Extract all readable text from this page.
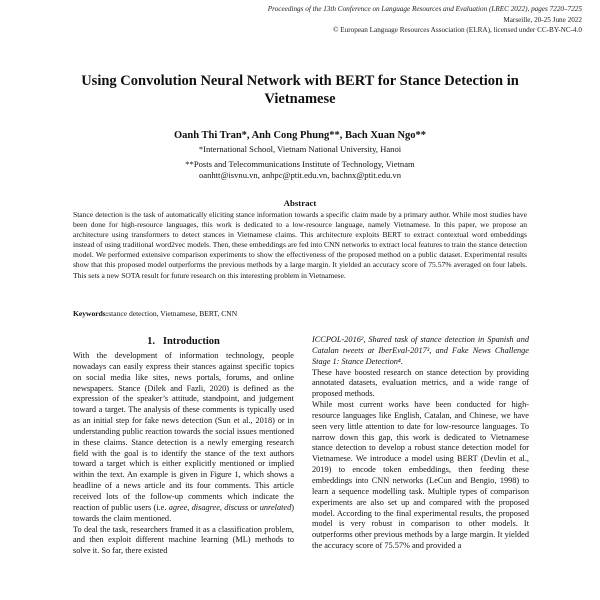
Proceedings of the 13th Conference on Language Resources and Evaluation (LREC 2022), pages 7220–7225
Marseille, 20-25 June 2022
© European Language Resources Association (ELRA), licensed under CC-BY-NC-4.0
Using Convolution Neural Network with BERT for Stance Detection in
Vietnamese
Oanh Thi Tran*, Anh Cong Phung**, Bach Xuan Ngo**
*International School, Vietnam National University, Hanoi
**Posts and Telecommunications Institute of Technology, Vietnam
oanhtt@isvnu.vn, anhpc@ptit.edu.vn, bachnx@ptit.edu.vn
Abstract
Stance detection is the task of automatically eliciting stance information towards a specific claim made by a primary author. While most studies have been done for high-resource languages, this work is dedicated to a low-resource language, namely Vietnamese. In this paper, we propose an architecture using transformers to detect stances in Vietnamese claims. This architecture exploits BERT to extract contextual word embeddings instead of using traditional word2vec models. Then, these embeddings are fed into CNN networks to extract local features to train the stance detection model. We performed extensive comparison experiments to show the effectiveness of the proposed method on a public dataset. Experimental results show that this proposed model outperforms the previous methods by a large margin. It yielded an accuracy score of 75.57% averaged on four labels. This sets a new SOTA result for future research on this interesting problem in Vietnamese.
Keywords:stance detection, Vietnamese, BERT, CNN
1. Introduction

With the development of information technology, people nowadays can easily express their stances against specific topics on social media like sites, news portals, forums, and online newspapers. Stance (Dilek and Fazli, 2020) is defined as the expression of the speaker’s attitude, standpoint, and judgement toward a target. The analysis of these comments is typically used as an initial step for fake news detection (Sun et al., 2018) or in understanding public reaction towards the social issues mentioned in these claims. Stance detection is a newly emerging research field with the goal is to identify the stance of the text authors toward a target which is either explicitly mentioned or implied within the text. An example is given in Figure 1, which shows a headline of a news article and its four comments. This article received lots of the follow-up comments which indicate the reaction of public users (i.e. agree, disagree, discuss or unrelated) towards the claim mentioned.

To deal the task, researchers framed it as a classification problem, and then exploit different machine learning (ML) methods to solve it. So far, there existed

ICCPOL-2016², Shared task of stance detection in Spanish and Catalan tweets at IberEval-2017³, and Fake News Challenge Stage 1: Stance Detection⁴.

These have boosted research on stance detection by providing annotated datasets, evaluation metrics, and a wide range of proposed methods.

While most current works have been conducted for high-resource languages like English, Catalan, and Chinese, we have seen very little attention to date for low-resource languages. To narrow down this gap, this work is dedicated to Vietnamese stance detection to develop a robust stance detection model for Vietnamese. We introduce a model using BERT (Devlin et al., 2019) to encode token embeddings, then feeding these embeddings into CNN networks (LeCun and Bengio, 1998) to learn a sequence modelling task. Multiple types of comparison experiments are also set up and compared with the proposed model. According to the final experimental results, the proposed model is very robust in comparison to other models. It outperforms other previous methods by a large margin. It yielded the accuracy score of 75.57% and provided a
